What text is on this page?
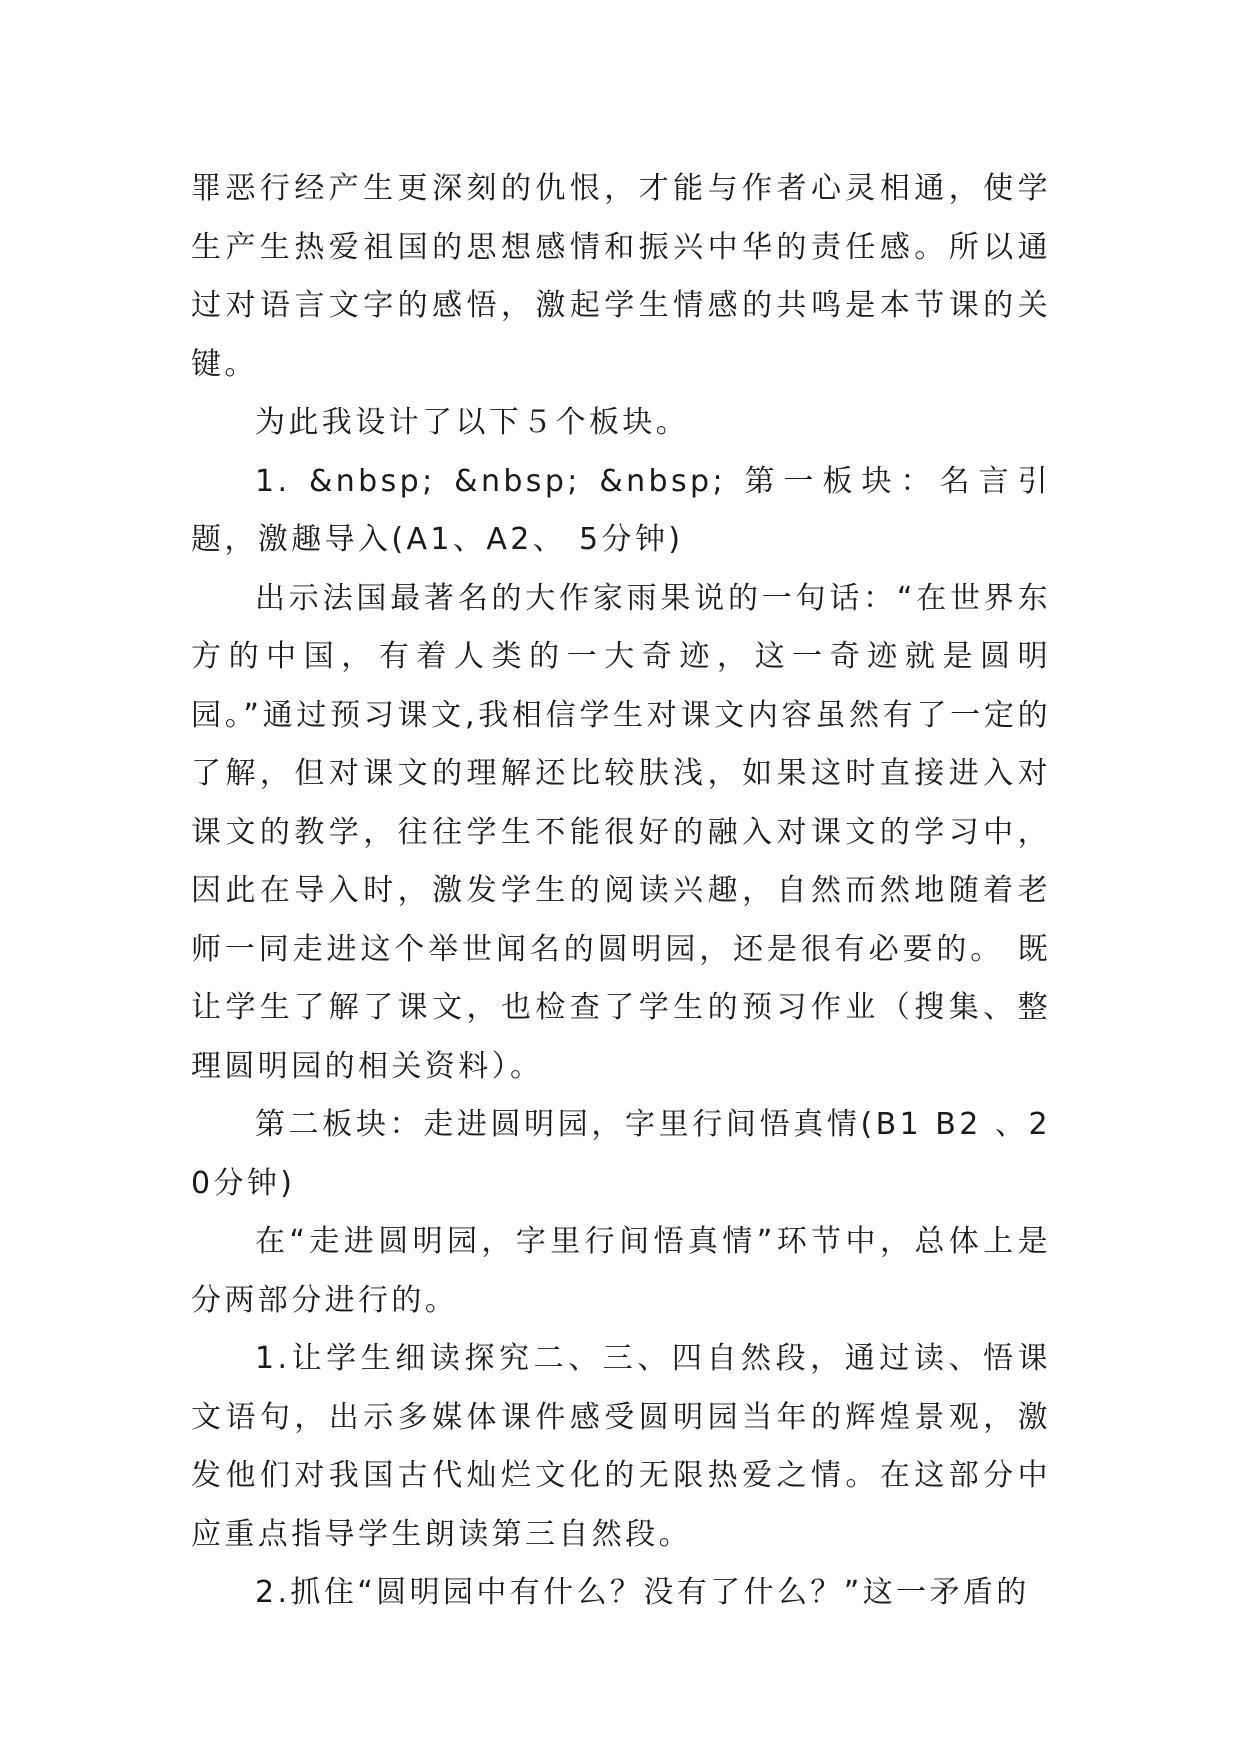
罪恶行经产生更深刻的仇恨，才能与作者心灵相通，使学生产生热爱祖国的思想感情和振兴中华的责任感。所以通过对语言文字的感悟，激起学生情感的共鸣是本节课的关键。

为此我设计了以下５个板块。

1. &nbsp; &nbsp; &nbsp; 第一板块：名言引题，激趣导入(A1、A2、 5分钟)

出示法国最著名的大作家雨果说的一句话：“在世界东方的中国，有着人类的一大奇迹，这一奇迹就是圆明园。”通过预习课文,我相信学生对课文内容虽然有了一定的了解，但对课文的理解还比较肤浅，如果这时直接进入对课文的教学，往往学生不能很好的融入对课文的学习中，因此在导入时，激发学生的阅读兴趣，自然而然地随着老师一同走进这个举世闻名的圆明园，还是很有必要的。 既让学生了解了课文，也检查了学生的预习作业（搜集、整理圆明园的相关资料）。

第二板块：走进圆明园，字里行间悟真情(B1 B2 、20分钟)

在“走进圆明园，字里行间悟真情”环节中，总体上是分两部分进行的。

1.让学生细读探究二、三、四自然段，通过读、悟课文语句，出示多媒体课件感受圆明园当年的辉煌景观，激发他们对我国古代灿烂文化的无限热爱之情。在这部分中应重点指导学生朗读第三自然段。

2.抓住“圆明园中有什么？没有了什么？”这一矛盾的
